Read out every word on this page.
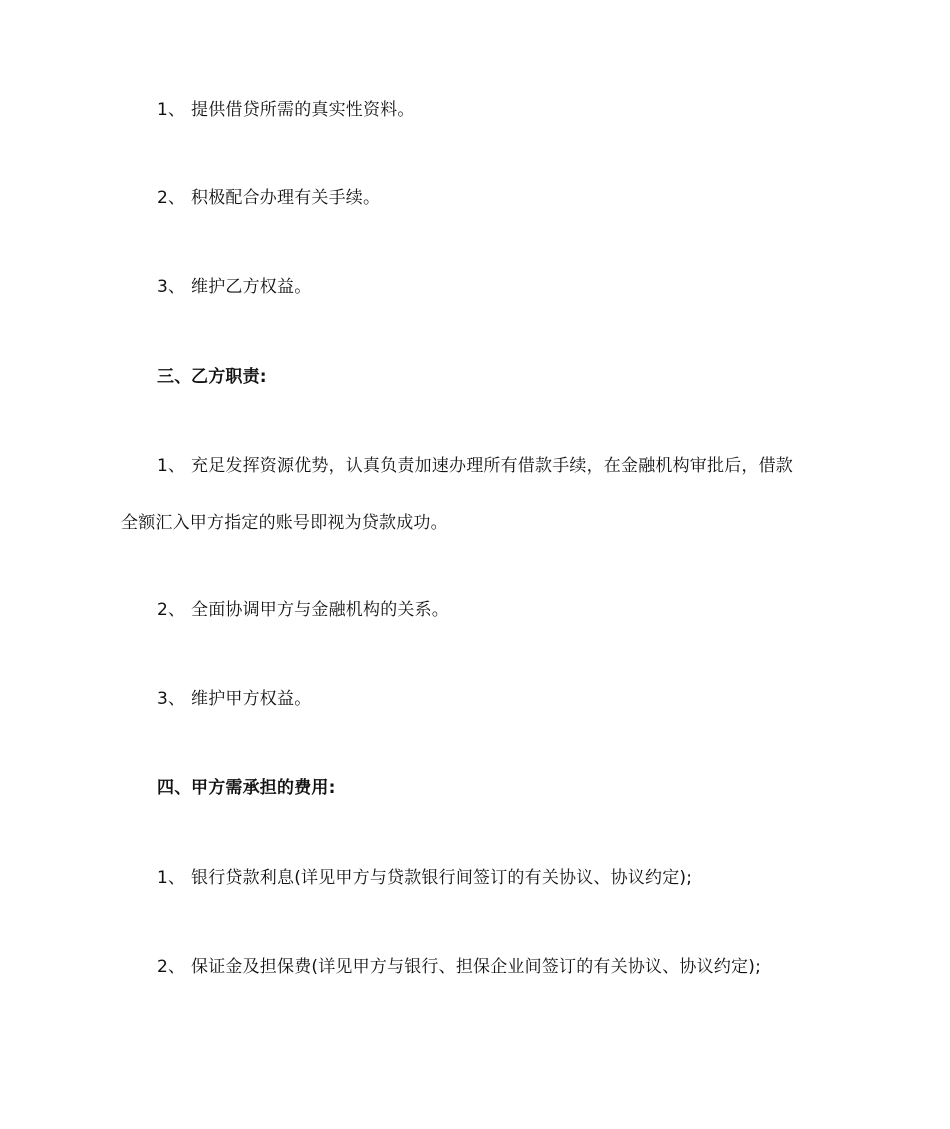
1、 提供借贷所需的真实性资料。
2、 积极配合办理有关手续。
3、 维护乙方权益。
三、乙方职责:
1、 充足发挥资源优势，认真负责加速办理所有借款手续，在金融机构审批后，借款
全额汇入甲方指定的账号即视为贷款成功。
2、 全面协调甲方与金融机构的关系。
3、 维护甲方权益。
四、甲方需承担的费用:
1、 银行贷款利息(详见甲方与贷款银行间签订的有关协议、协议约定);
2、 保证金及担保费(详见甲方与银行、担保企业间签订的有关协议、协议约定);
